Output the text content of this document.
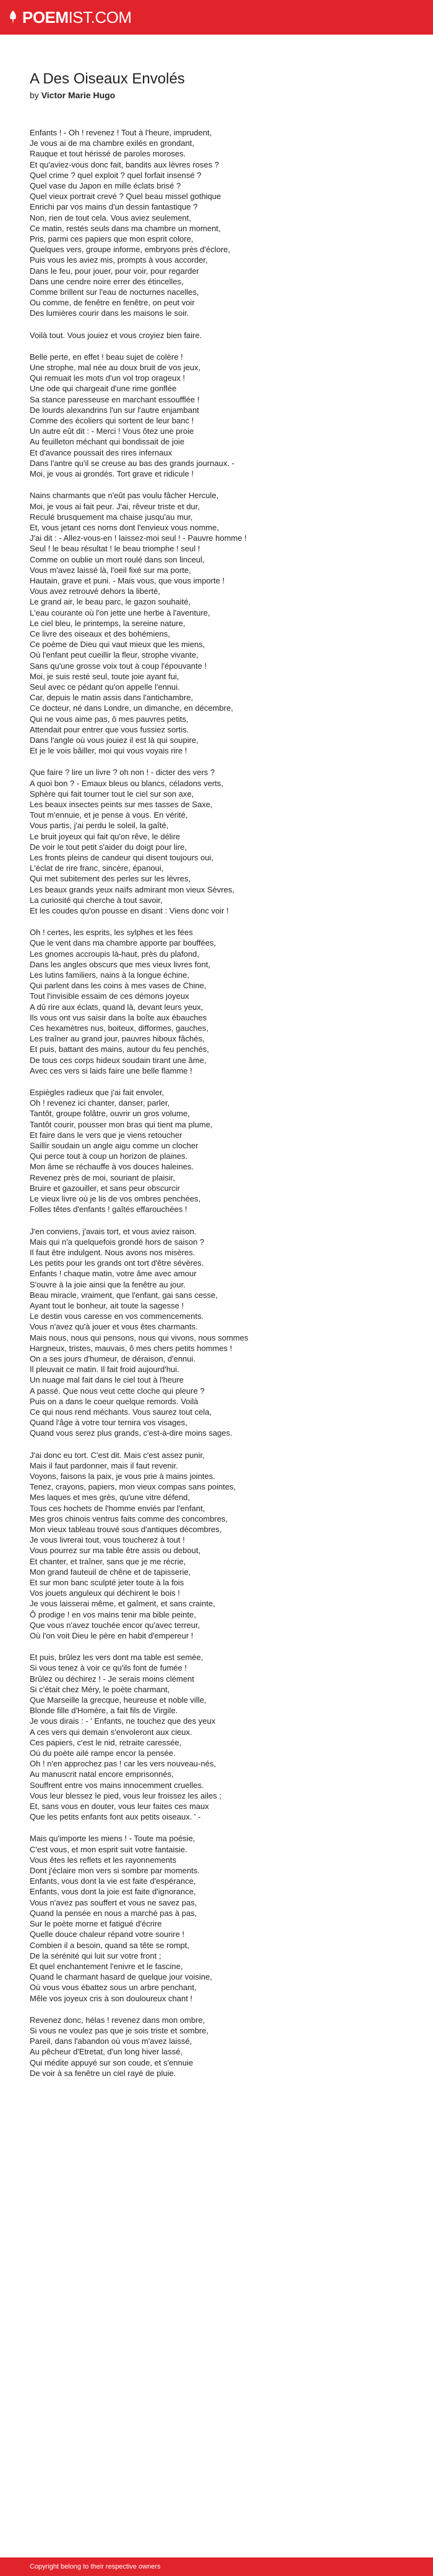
POEMIST.COM
A Des Oiseaux Envolés
by Victor Marie Hugo
Enfants ! - Oh ! revenez ! Tout à l'heure, imprudent,
Je vous ai de ma chambre exilés en grondant,
Rauque et tout hérissé de paroles moroses.
Et qu'aviez-vous donc fait, bandits aux lèvres roses ?
Quel crime ? quel exploit ? quel forfait insensé ?
Quel vase du Japon en mille éclats brisé ?
Quel vieux portrait crevé ? Quel beau missel gothique
Enrichi par vos mains d'un dessin fantastique ?
Non, rien de tout cela. Vous aviez seulement,
Ce matin, restés seuls dans ma chambre un moment,
Pris, parmi ces papiers que mon esprit colore,
Quelques vers, groupe informe, embryons près d'éclore,
Puis vous les aviez mis, prompts à vous accorder,
Dans le feu, pour jouer, pour voir, pour regarder
Dans une cendre noire errer des étincelles,
Comme brillent sur l'eau de nocturnes nacelles,
Ou comme, de fenêtre en fenêtre, on peut voir
Des lumières courir dans les maisons le soir.
Voilà tout. Vous jouiez et vous croyiez bien faire.
Belle perte, en effet ! beau sujet de colère !
Une strophe, mal née au doux bruit de vos jeux,
Qui remuait les mots d'un vol trop orageux !
Une ode qui chargeait d'une rime gonflée
Sa stance paresseuse en marchant essoufflée !
De lourds alexandrins l'un sur l'autre enjambant
Comme des écoliers qui sortent de leur banc !
Un autre eût dit : - Merci ! Vous ôtez une proie
Au feuilleton méchant qui bondissait de joie
Et d'avance poussait des rires infernaux
Dans l'antre qu'il se creuse au bas des grands journaux. -
Moi, je vous ai grondés. Tort grave et ridicule !
Nains charmants que n'eût pas voulu fâcher Hercule,
Moi, je vous ai fait peur. J'ai, rêveur triste et dur,
Reculé brusquement ma chaise jusqu'au mur,
Et, vous jetant ces noms dont l'envieux vous nomme,
J'ai dit : - Allez-vous-en ! laissez-moi seul ! - Pauvre homme !
Seul ! le beau résultat ! le beau triomphe ! seul !
Comme on oublie un mort roulé dans son linceul,
Vous m'avez laissé là, l'oeil fixé sur ma porte,
Hautain, grave et puni. - Mais vous, que vous importe !
Vous avez retrouvé dehors la liberté,
Le grand air, le beau parc, le gazon souhaité,
L'eau courante où l'on jette une herbe à l'aventure,
Le ciel bleu, le printemps, la sereine nature,
Ce livre des oiseaux et des bohémiens,
Ce poème de Dieu qui vaut mieux que les miens,
Où l'enfant peut cueillir la fleur, strophe vivante,
Sans qu'une grosse voix tout à coup l'épouvante !
Moi, je suis resté seul, toute joie ayant fui,
Seul avec ce pédant qu'on appelle l'ennui.
Car, depuis le matin assis dans l'antichambre,
Ce docteur, né dans Londre, un dimanche, en décembre,
Qui ne vous aime pas, ô mes pauvres petits,
Attendait pour entrer que vous fussiez sortis.
Dans l'angle où vous jouiez il est là qui soupire,
Et je le vois bâiller, moi qui vous voyais rire !
Que faire ? lire un livre ? oh non ! - dicter des vers ?
A quoi bon ? - Emaux bleus ou blancs, céladons verts,
Sphère qui fait tourner tout le ciel sur son axe,
Les beaux insectes peints sur mes tasses de Saxe,
Tout m'ennuie, et je pense à vous. En vérité,
Vous partis, j'ai perdu le soleil, la gaîté,
Le bruit joyeux qui fait qu'on rêve, le délire
De voir le tout petit s'aider du doigt pour lire,
Les fronts pleins de candeur qui disent toujours oui,
L'éclat de rire franc, sincère, épanoui,
Qui met subitement des perles sur les lèvres,
Les beaux grands yeux naïfs admirant mon vieux Sèvres,
La curiosité qui cherche à tout savoir,
Et les coudes qu'on pousse en disant : Viens donc voir !
Oh ! certes, les esprits, les sylphes et les fées
Que le vent dans ma chambre apporte par bouffées,
Les gnomes accroupis là-haut, près du plafond,
Dans les angles obscurs que mes vieux livres font,
Les lutins familiers, nains à la longue échine,
Qui parlent dans les coins à mes vases de Chine,
Tout l'invisible essaim de ces démons joyeux
A dû rire aux éclats, quand là, devant leurs yeux,
Ils vous ont vus saisir dans la boîte aux ébauches
Ces hexamètres nus, boiteux, difformes, gauches,
Les traîner au grand jour, pauvres hiboux fâchés,
Et puis, battant des mains, autour du feu penchés,
De tous ces corps hideux soudain tirant une âme,
Avec ces vers si laids faire une belle flamme !
Espiègles radieux que j'ai fait envoler,
Oh ! revenez ici chanter, danser, parler,
Tantôt, groupe folâtre, ouvrir un gros volume,
Tantôt courir, pousser mon bras qui tient ma plume,
Et faire dans le vers que je viens retoucher
Saillir soudain un angle aigu comme un clocher
Qui perce tout à coup un horizon de plaines.
Mon âme se réchauffe à vos douces haleines.
Revenez près de moi, souriant de plaisir,
Bruire et gazouiller, et sans peur obscurcir
Le vieux livre où je lis de vos ombres penchées,
Folles têtes d'enfants ! gaîtés effarouchées !
J'en conviens, j'avais tort, et vous aviez raison.
Mais qui n'a quelquefois grondé hors de saison ?
Il faut être indulgent. Nous avons nos misères.
Les petits pour les grands ont tort d'être sévères.
Enfants ! chaque matin, votre âme avec amour
S'ouvre à la joie ainsi que la fenêtre au jour.
Beau miracle, vraiment, que l'enfant, gai sans cesse,
Ayant tout le bonheur, ait toute la sagesse !
Le destin vous caresse en vos commencements.
Vous n'avez qu'à jouer et vous êtes charmants.
Mais nous, nous qui pensons, nous qui vivons, nous sommes
Hargneux, tristes, mauvais, ô mes chers petits hommes !
On a ses jours d'humeur, de déraison, d'ennui.
Il pleuvait ce matin. Il fait froid aujourd'hui.
Un nuage mal fait dans le ciel tout à l'heure
A passé. Que nous veut cette cloche qui pleure ?
Puis on a dans le coeur quelque remords. Voilà
Ce qui nous rend méchants. Vous saurez tout cela,
Quand l'âge à votre tour ternira vos visages,
Quand vous serez plus grands, c'est-à-dire moins sages.
J'ai donc eu tort. C'est dit. Mais c'est assez punir,
Mais il faut pardonner, mais il faut revenir.
Voyons, faisons la paix, je vous prie à mains jointes.
Tenez, crayons, papiers, mon vieux compas sans pointes,
Mes laques et mes grès, qu'une vitre défend,
Tous ces hochets de l'homme enviés par l'enfant,
Mes gros chinois ventrus faits comme des concombres,
Mon vieux tableau trouvé sous d'antiques décombres,
Je vous livrerai tout, vous toucherez à tout !
Vous pourrez sur ma table être assis ou debout,
Et chanter, et traîner, sans que je me récrie,
Mon grand fauteuil de chêne et de tapisserie,
Et sur mon banc sculpté jeter toute à la fois
Vos jouets anguleux qui déchirent le bois !
Je vous laisserai même, et gaîment, et sans crainte,
Ô prodige ! en vos mains tenir ma bible peinte,
Que vous n'avez touchée encor qu'avec terreur,
Où l'on voit Dieu le père en habit d'empereur !
Et puis, brûlez les vers dont ma table est semée,
Si vous tenez à voir ce qu'ils font de fumée !
Brûlez ou déchirez ! - Je serais moins clément
Si c'était chez Méry, le poète charmant,
Que Marseille la grecque, heureuse et noble ville,
Blonde fille d'Homère, a fait fils de Virgile.
Je vous dirais : - ' Enfants, ne touchez que des yeux
A ces vers qui demain s'envoleront aux cieux.
Ces papiers, c'est le nid, retraite caressée,
Où du poète ailé rampe encor la pensée.
Oh ! n'en approchez pas ! car les vers nouveau-nés,
Au manuscrit natal encore emprisonnés,
Souffrent entre vos mains innocemment cruelles.
Vous leur blessez le pied, vous leur froissez les ailes ;
Et, sans vous en douter, vous leur faites ces maux
Que les petits enfants font aux petits oiseaux. ' -
Mais qu'importe les miens ! - Toute ma poésie,
C'est vous, et mon esprit suit votre fantaisie.
Vous êtes les reflets et les rayonnements
Dont j'éclaire mon vers si sombre par moments.
Enfants, vous dont la vie est faite d'espérance,
Enfants, vous dont la joie est faite d'ignorance,
Vous n'avez pas souffert et vous ne savez pas,
Quand la pensée en nous a marché pas à pas,
Sur le poète morne et fatigué d'écrire
Quelle douce chaleur répand votre sourire !
Combien il a besoin, quand sa tête se rompt,
De la sérénité qui luit sur votre front ;
Et quel enchantement l'enivre et le fascine,
Quand le charmant hasard de quelque jour voisine,
Où vous vous ébattez sous un arbre penchant,
Mêle vos joyeux cris à son douloureux chant !
Revenez donc, hélas ! revenez dans mon ombre,
Si vous ne voulez pas que je sois triste et sombre,
Pareil, dans l'abandon où vous m'avez laissé,
Au pêcheur d'Etretat, d'un long hiver lassé,
Qui médite appuyé sur son coude, et s'ennuie
De voir à sa fenêtre un ciel rayé de pluie.
Copyright belong to their respective owners
